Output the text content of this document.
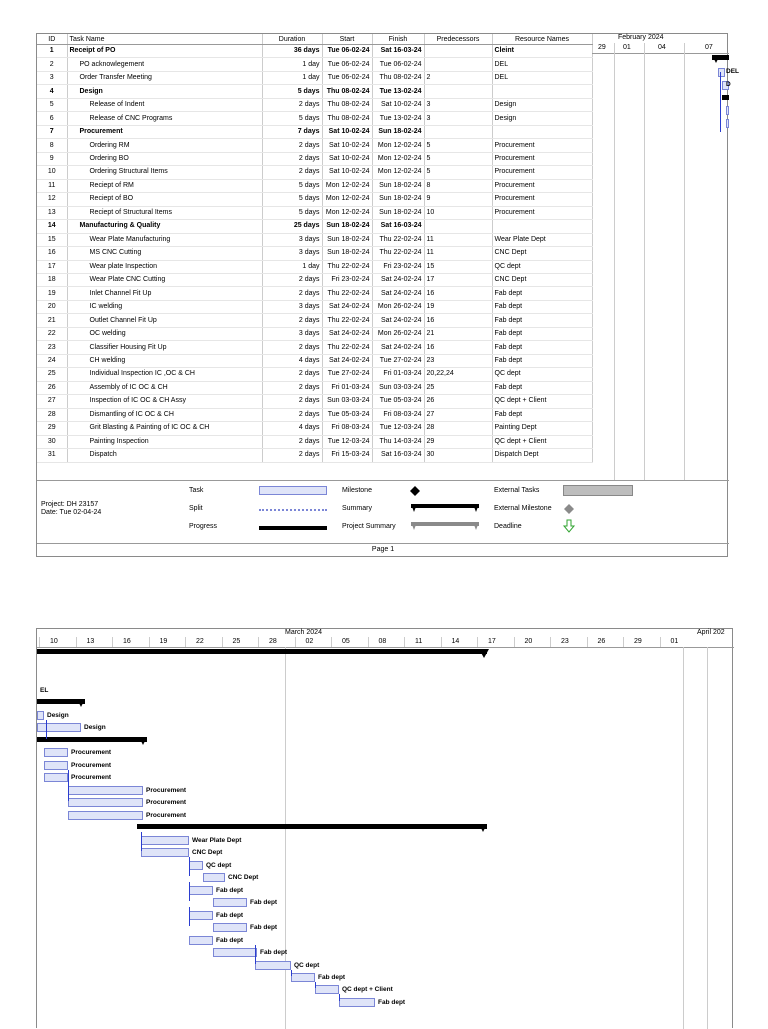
ID	Task Name	Duration	Start	Finish	Predecessors	Resource Names
1	Receipt of PO	36 days	Tue 06-02-24	Sat 16-03-24		Cleint
2	PO acknowlegement	1 day	Tue 06-02-24	Tue 06-02-24		DEL
3	Order Transfer Meeting	1 day	Tue 06-02-24	Thu 08-02-24	2	DEL
4	Design	5 days	Thu 08-02-24	Tue 13-02-24		
5	Release of Indent	2 days	Thu 08-02-24	Sat 10-02-24	3	Design
6	Release of CNC Programs	5 days	Thu 08-02-24	Tue 13-02-24	3	Design
7	Procurement	7 days	Sat 10-02-24	Sun 18-02-24		
8	Ordering RM	2 days	Sat 10-02-24	Mon 12-02-24	5	Procurement
9	Ordering BO	2 days	Sat 10-02-24	Mon 12-02-24	5	Procurement
10	Ordering Structural Items	2 days	Sat 10-02-24	Mon 12-02-24	5	Procurement
11	Reciept of RM	5 days	Mon 12-02-24	Sun 18-02-24	8	Procurement
12	Reciept of BO	5 days	Mon 12-02-24	Sun 18-02-24	9	Procurement
13	Reciept of Structural Items	5 days	Mon 12-02-24	Sun 18-02-24	10	Procurement
14	Manufacturing & Quality	25 days	Sun 18-02-24	Sat 16-03-24		
15	Wear Plate Manufacturing	3 days	Sun 18-02-24	Thu 22-02-24	11	Wear Plate Dept
16	MS CNC Cutting	3 days	Sun 18-02-24	Thu 22-02-24	11	CNC Dept
17	Wear plate Inspection	1 day	Thu 22-02-24	Fri 23-02-24	15	QC dept
18	Wear Plate CNC Cutting	2 days	Fri 23-02-24	Sat 24-02-24	17	CNC Dept
19	Inlet Channel Fit Up	2 days	Thu 22-02-24	Sat 24-02-24	16	Fab dept
20	IC welding	3 days	Sat 24-02-24	Mon 26-02-24	19	Fab dept
21	Outlet Channel Fit Up	2 days	Thu 22-02-24	Sat 24-02-24	16	Fab dept
22	OC welding	3 days	Sat 24-02-24	Mon 26-02-24	21	Fab dept
23	Classifier Housing Fit Up	2 days	Thu 22-02-24	Sat 24-02-24	16	Fab dept
24	CH welding	4 days	Sat 24-02-24	Tue 27-02-24	23	Fab dept
25	Individual Inspection IC ,OC & CH	2 days	Tue 27-02-24	Fri 01-03-24	20,22,24	QC dept
26	Assembly of IC OC & CH	2 days	Fri 01-03-24	Sun 03-03-24	25	Fab dept
27	Inspection of IC OC & CH Assy	2 days	Sun 03-03-24	Tue 05-03-24	26	QC dept + Client
28	Dismantling of IC OC & CH	2 days	Tue 05-03-24	Fri 08-03-24	27	Fab dept
29	Grit Blasting & Painting of IC OC & CH	4 days	Fri 08-03-24	Tue 12-03-24	28	Painting Dept
30	Painting Inspection	2 days	Tue 12-03-24	Thu 14-03-24	29	QC dept + Client
31	Dispatch	2 days	Fri 15-03-24	Sat 16-03-24	30	Dispatch Dept
February 2024
29 01	04	07
DEL
D
Project: DH 23157
Date: Tue 02-04-24
Task
Split
Progress
Milestone
Summary
Project Summary
External Tasks
External Milestone
Deadline
Page 1
March 2024	April 202
10	13	16	19	22	25	28	02	05	08	11	14	17	20	23	26	29	01
EL
Design
Design
Procurement
Procurement
Procurement
Procurement
Procurement
Procurement
Wear Plate Dept
CNC Dept
QC dept
CNC Dept
Fab dept
Fab dept
Fab dept
Fab dept
Fab dept
Fab dept
QC dept
Fab dept
QC dept + Client
Fab dept
